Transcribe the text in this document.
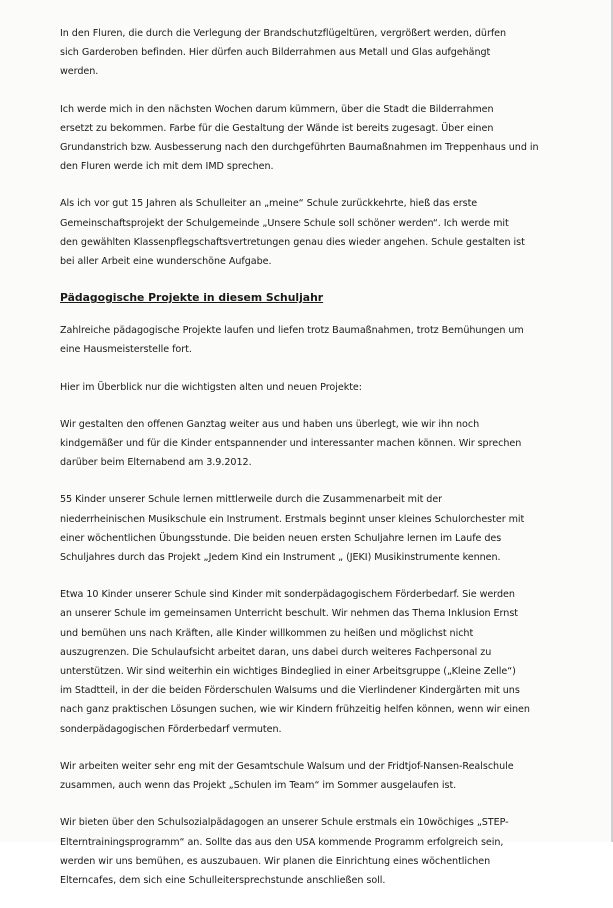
In den Fluren, die durch die Verlegung der Brandschutzflügeltüren, vergrößert werden, dürfen
sich Garderoben befinden. Hier dürfen auch Bilderrahmen aus Metall und Glas aufgehängt
werden.

Ich werde mich in den nächsten Wochen darum kümmern, über die Stadt die Bilderrahmen
ersetzt zu bekommen. Farbe für die Gestaltung der Wände ist bereits zugesagt. Über einen
Grundanstrich bzw. Ausbesserung nach den durchgeführten Baumaßnahmen im Treppenhaus und in
den Fluren werde ich mit dem IMD sprechen.

Als ich vor gut 15 Jahren als Schulleiter an „meine“ Schule zurückkehrte, hieß das erste
Gemeinschaftsprojekt der Schulgemeinde „Unsere Schule soll schöner werden“. Ich werde mit
den gewählten Klassenpflegschaftsvertretungen genau dies wieder angehen. Schule gestalten ist
bei aller Arbeit eine wunderschöne Aufgabe.

Pädagogische Projekte in diesem Schuljahr

Zahlreiche pädagogische Projekte laufen und liefen trotz Baumaßnahmen, trotz Bemühungen um
eine Hausmeisterstelle fort.

Hier im Überblick nur die wichtigsten alten und neuen Projekte:

Wir gestalten den offenen Ganztag weiter aus und haben uns überlegt, wie wir ihn noch
kindgemäßer und für die Kinder entspannender und interessanter machen können. Wir sprechen
darüber beim Elternabend am 3.9.2012.

55 Kinder unserer Schule lernen mittlerweile durch die Zusammenarbeit mit der
niederrheinischen Musikschule ein Instrument. Erstmals beginnt unser kleines Schulorchester mit
einer wöchentlichen Übungsstunde. Die beiden neuen ersten Schuljahre lernen im Laufe des
Schuljahres durch das Projekt „Jedem Kind ein Instrument „ (JEKI) Musikinstrumente kennen.

Etwa 10 Kinder unserer Schule sind Kinder mit sonderpädagogischem Förderbedarf. Sie werden
an unserer Schule im gemeinsamen Unterricht beschult. Wir nehmen das Thema Inklusion Ernst
und bemühen uns nach Kräften, alle Kinder willkommen zu heißen und möglichst nicht
auszugrenzen. Die Schulaufsicht arbeitet daran, uns dabei durch weiteres Fachpersonal zu
unterstützen. Wir sind weiterhin ein wichtiges Bindeglied in einer Arbeitsgruppe („Kleine Zelle“)
im Stadtteil, in der die beiden Förderschulen Walsums und die Vierlindener Kindergärten mit uns
nach ganz praktischen Lösungen suchen, wie wir Kindern frühzeitig helfen können, wenn wir einen
sonderpädagogischen Förderbedarf vermuten.

Wir arbeiten weiter sehr eng mit der Gesamtschule Walsum und der Fridtjof-Nansen-Realschule
zusammen, auch wenn das Projekt „Schulen im Team“ im Sommer ausgelaufen ist.

Wir bieten über den Schulsozialpädagogen an unserer Schule erstmals ein 10wöchiges „STEP-
Elterntrainingsprogramm“ an. Sollte das aus den USA kommende Programm erfolgreich sein,
werden wir uns bemühen, es auszubauen. Wir planen die Einrichtung eines wöchentlichen
Elterncafes, dem sich eine Schulleitersprechstunde anschließen soll.
